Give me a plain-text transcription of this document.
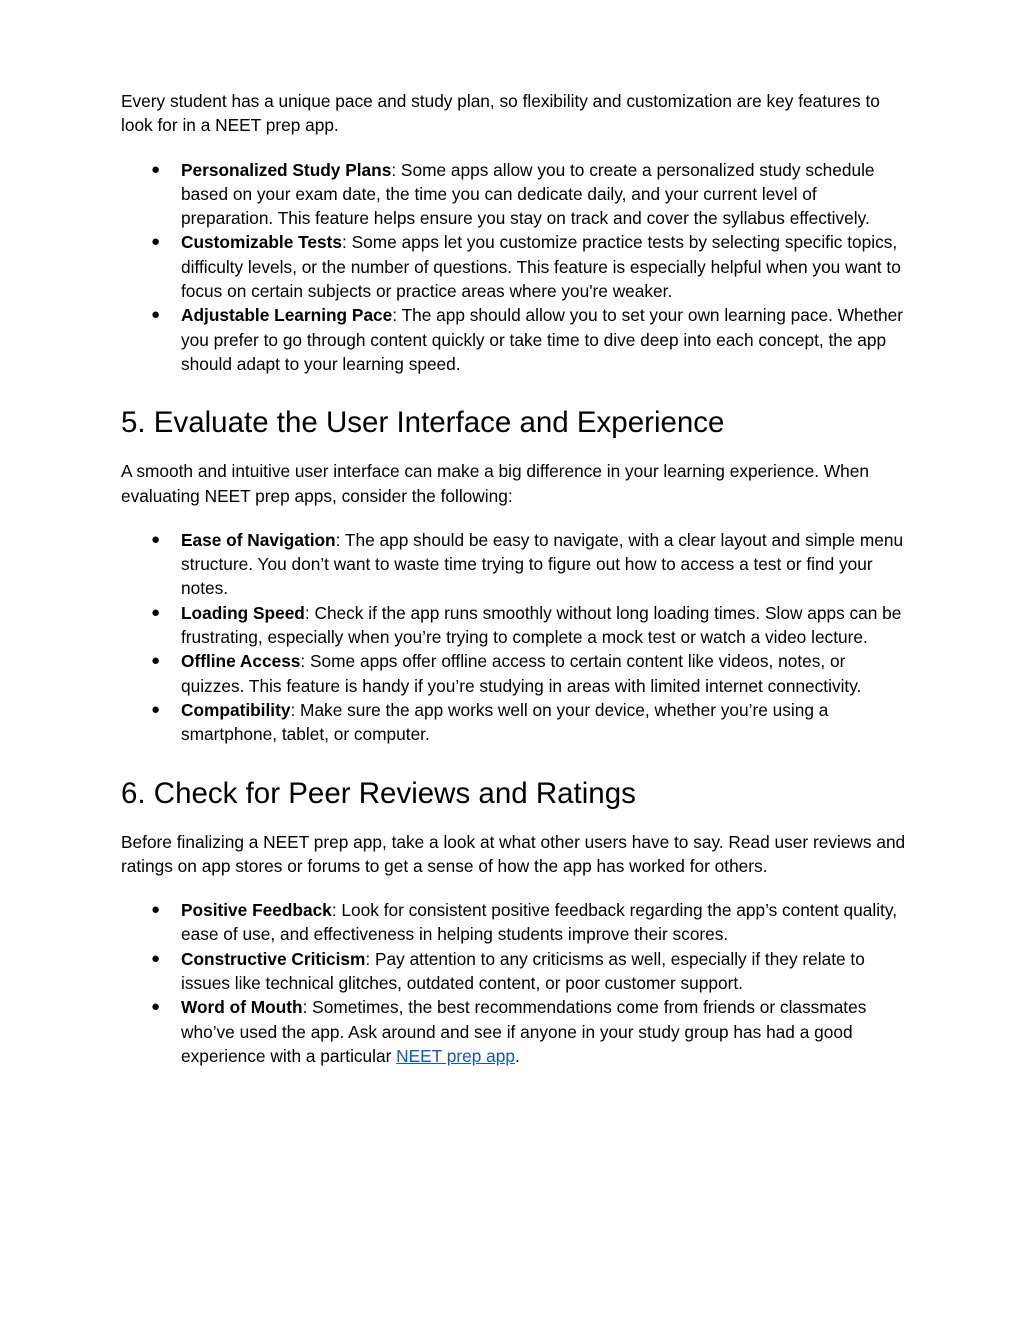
Every student has a unique pace and study plan, so flexibility and customization are key features to look for in a NEET prep app.

● Personalized Study Plans: Some apps allow you to create a personalized study schedule based on your exam date, the time you can dedicate daily, and your current level of preparation. This feature helps ensure you stay on track and cover the syllabus effectively.
● Customizable Tests: Some apps let you customize practice tests by selecting specific topics, difficulty levels, or the number of questions. This feature is especially helpful when you want to focus on certain subjects or practice areas where you're weaker.
● Adjustable Learning Pace: The app should allow you to set your own learning pace. Whether you prefer to go through content quickly or take time to dive deep into each concept, the app should adapt to your learning speed.
5. Evaluate the User Interface and Experience

A smooth and intuitive user interface can make a big difference in your learning experience. When evaluating NEET prep apps, consider the following:

● Ease of Navigation: The app should be easy to navigate, with a clear layout and simple menu structure. You don’t want to waste time trying to figure out how to access a test or find your notes.
● Loading Speed: Check if the app runs smoothly without long loading times. Slow apps can be frustrating, especially when you’re trying to complete a mock test or watch a video lecture.
● Offline Access: Some apps offer offline access to certain content like videos, notes, or quizzes. This feature is handy if you’re studying in areas with limited internet connectivity.
● Compatibility: Make sure the app works well on your device, whether you’re using a smartphone, tablet, or computer.
6. Check for Peer Reviews and Ratings

Before finalizing a NEET prep app, take a look at what other users have to say. Read user reviews and ratings on app stores or forums to get a sense of how the app has worked for others.

● Positive Feedback: Look for consistent positive feedback regarding the app’s content quality, ease of use, and effectiveness in helping students improve their scores.
● Constructive Criticism: Pay attention to any criticisms as well, especially if they relate to issues like technical glitches, outdated content, or poor customer support.
● Word of Mouth: Sometimes, the best recommendations come from friends or classmates who’ve used the app. Ask around and see if anyone in your study group has had a good experience with a particular NEET prep app.
